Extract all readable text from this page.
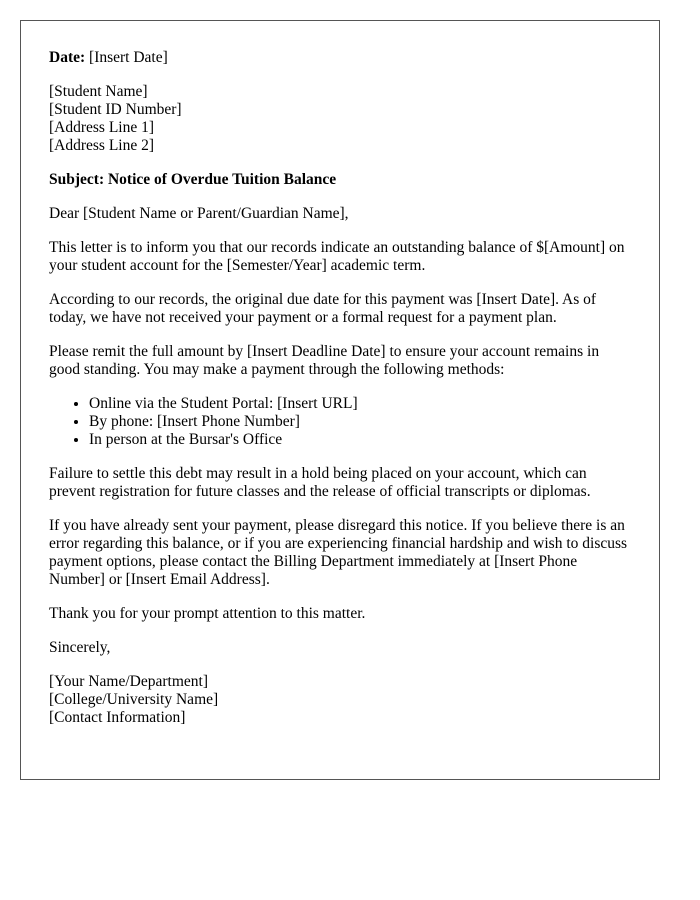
Date: [Insert Date]

[Student Name]
[Student ID Number]
[Address Line 1]
[Address Line 2]

Subject: Notice of Overdue Tuition Balance

Dear [Student Name or Parent/Guardian Name],

This letter is to inform you that our records indicate an outstanding balance of $[Amount] on your student account for the [Semester/Year] academic term.

According to our records, the original due date for this payment was [Insert Date]. As of today, we have not received your payment or a formal request for a payment plan.

Please remit the full amount by [Insert Deadline Date] to ensure your account remains in good standing. You may make a payment through the following methods:

• Online via the Student Portal: [Insert URL]
• By phone: [Insert Phone Number]
• In person at the Bursar's Office

Failure to settle this debt may result in a hold being placed on your account, which can prevent registration for future classes and the release of official transcripts or diplomas.

If you have already sent your payment, please disregard this notice. If you believe there is an error regarding this balance, or if you are experiencing financial hardship and wish to discuss payment options, please contact the Billing Department immediately at [Insert Phone Number] or [Insert Email Address].

Thank you for your prompt attention to this matter.

Sincerely,

[Your Name/Department]
[College/University Name]
[Contact Information]
